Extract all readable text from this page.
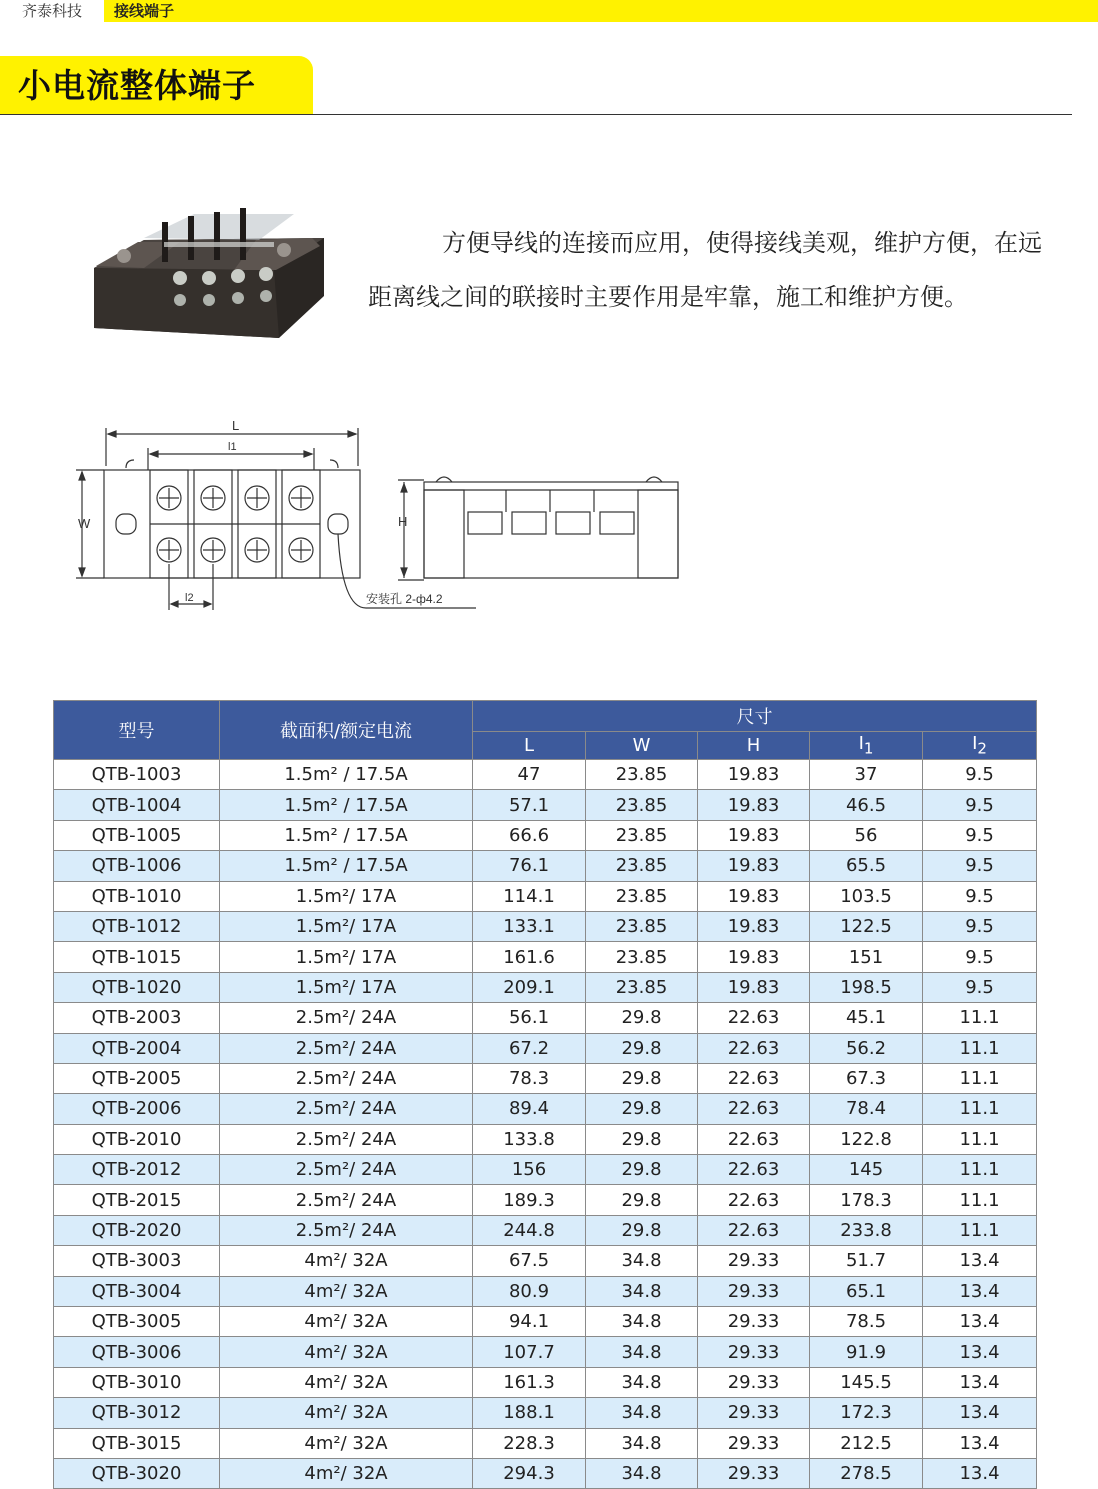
齐泰科技	接线端子
小电流整体端子
方便导线的连接而应用，使得接线美观，维护方便，在远
距离线之间的联接时主要作用是牢靠，施工和维护方便。
L
l1
W
l2
H
安装孔 2-ф4.2
型号	截面积/额定电流	尺寸				
		L	W	H	$I_1$	$I_2$
QTB-1003	1.5m² / 17.5A	47	23.85	19.83	37	9.5
QTB-1004	1.5m² / 17.5A	57.1	23.85	19.83	46.5	9.5
QTB-1005	1.5m² / 17.5A	66.6	23.85	19.83	56	9.5
QTB-1006	1.5m² / 17.5A	76.1	23.85	19.83	65.5	9.5
QTB-1010	1.5m²/ 17A	114.1	23.85	19.83	103.5	9.5
QTB-1012	1.5m²/ 17A	133.1	23.85	19.83	122.5	9.5
QTB-1015	1.5m²/ 17A	161.6	23.85	19.83	151	9.5
QTB-1020	1.5m²/ 17A	209.1	23.85	19.83	198.5	9.5
QTB-2003	2.5m²/ 24A	56.1	29.8	22.63	45.1	11.1
QTB-2004	2.5m²/ 24A	67.2	29.8	22.63	56.2	11.1
QTB-2005	2.5m²/ 24A	78.3	29.8	22.63	67.3	11.1
QTB-2006	2.5m²/ 24A	89.4	29.8	22.63	78.4	11.1
QTB-2010	2.5m²/ 24A	133.8	29.8	22.63	122.8	11.1
QTB-2012	2.5m²/ 24A	156	29.8	22.63	145	11.1
QTB-2015	2.5m²/ 24A	189.3	29.8	22.63	178.3	11.1
QTB-2020	2.5m²/ 24A	244.8	29.8	22.63	233.8	11.1
QTB-3003	4m²/ 32A	67.5	34.8	29.33	51.7	13.4
QTB-3004	4m²/ 32A	80.9	34.8	29.33	65.1	13.4
QTB-3005	4m²/ 32A	94.1	34.8	29.33	78.5	13.4
QTB-3006	4m²/ 32A	107.7	34.8	29.33	91.9	13.4
QTB-3010	4m²/ 32A	161.3	34.8	29.33	145.5	13.4
QTB-3012	4m²/ 32A	188.1	34.8	29.33	172.3	13.4
QTB-3015	4m²/ 32A	228.3	34.8	29.33	212.5	13.4
QTB-3020	4m²/ 32A	294.3	34.8	29.33	278.5	13.4
